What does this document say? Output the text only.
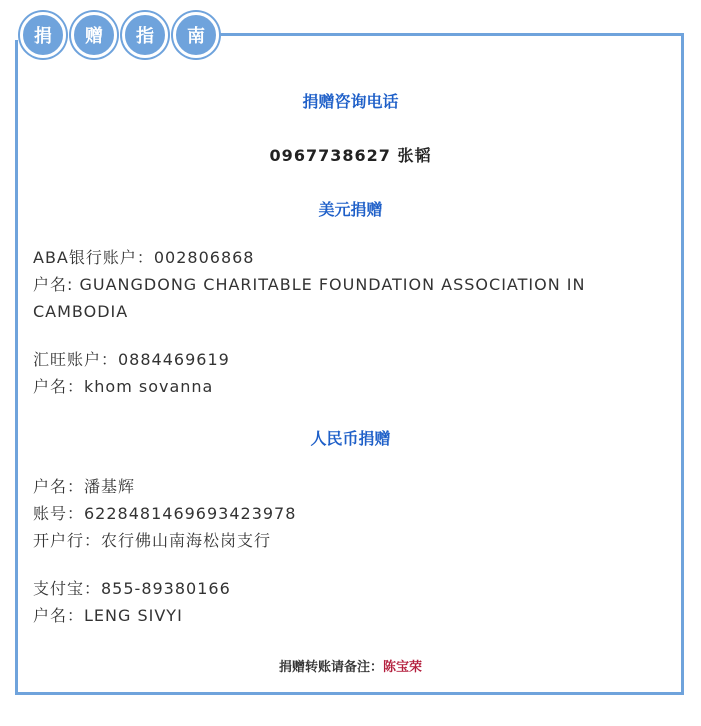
捐	赠	指	南
捐赠咨询电话
0967738627 张韬
美元捐赠
ABA银行账户：002806868
户名: GUANGDONG CHARITABLE FOUNDATION ASSOCIATION IN
CAMBODIA
汇旺账户：0884469619
户名：khom sovanna
人民币捐赠
户名：潘基辉
账号：6228481469693423978
开户行：农行佛山南海松岗支行
支付宝：855-89380166
户名：LENG SIVYI
捐赠转账请备注：陈宝荣
